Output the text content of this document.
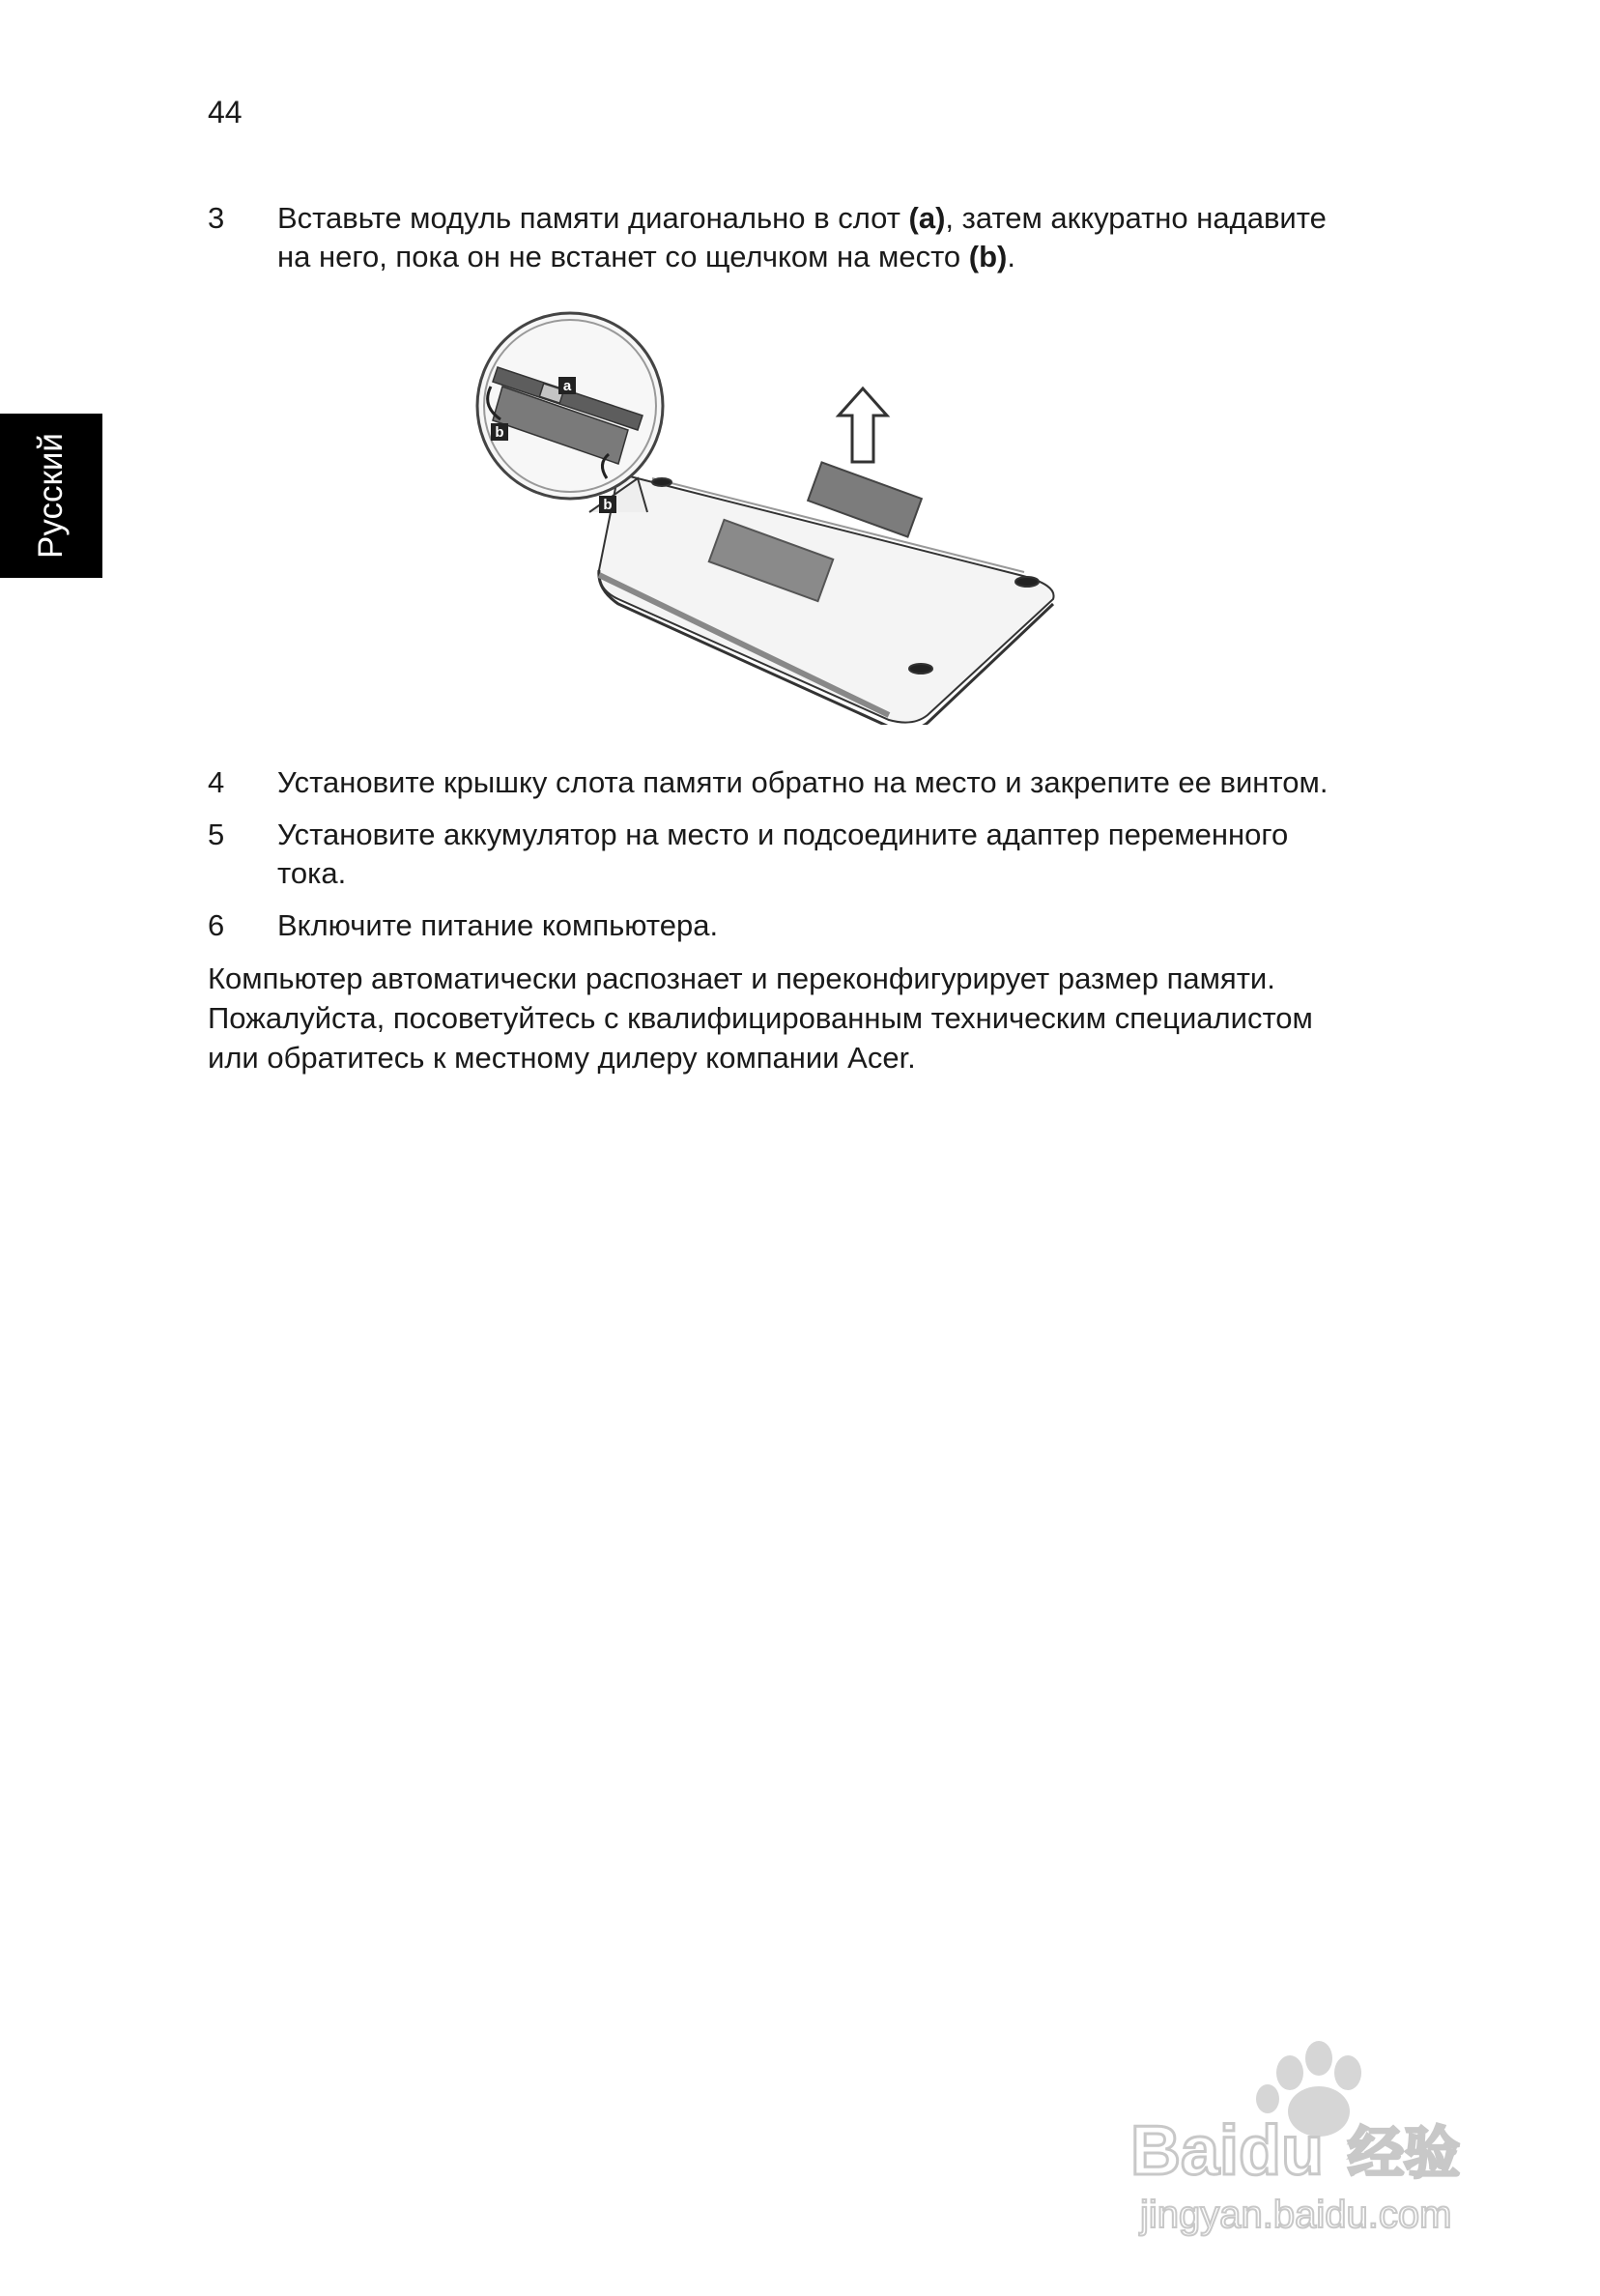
44
Русский
3 Вставьте модуль памяти диагонально в слот (a), затем аккуратно надавите
на него, пока он не встанет со щелчком на место (b).
a
b
b
4 Установите крышку слота памяти обратно на место и закрепите ее винтом.
5 Установите аккумулятор на место и подсоедините адаптер переменного
тока.
6 Включите питание компьютера.
Компьютер автоматически распознает и переконфигурирует размер памяти.
Пожалуйста, посоветуйтесь с квалифицированным техническим специалистом
или обратитесь к местному дилеру компании Acer.
Baidu 经验
jingyan.baidu.com
